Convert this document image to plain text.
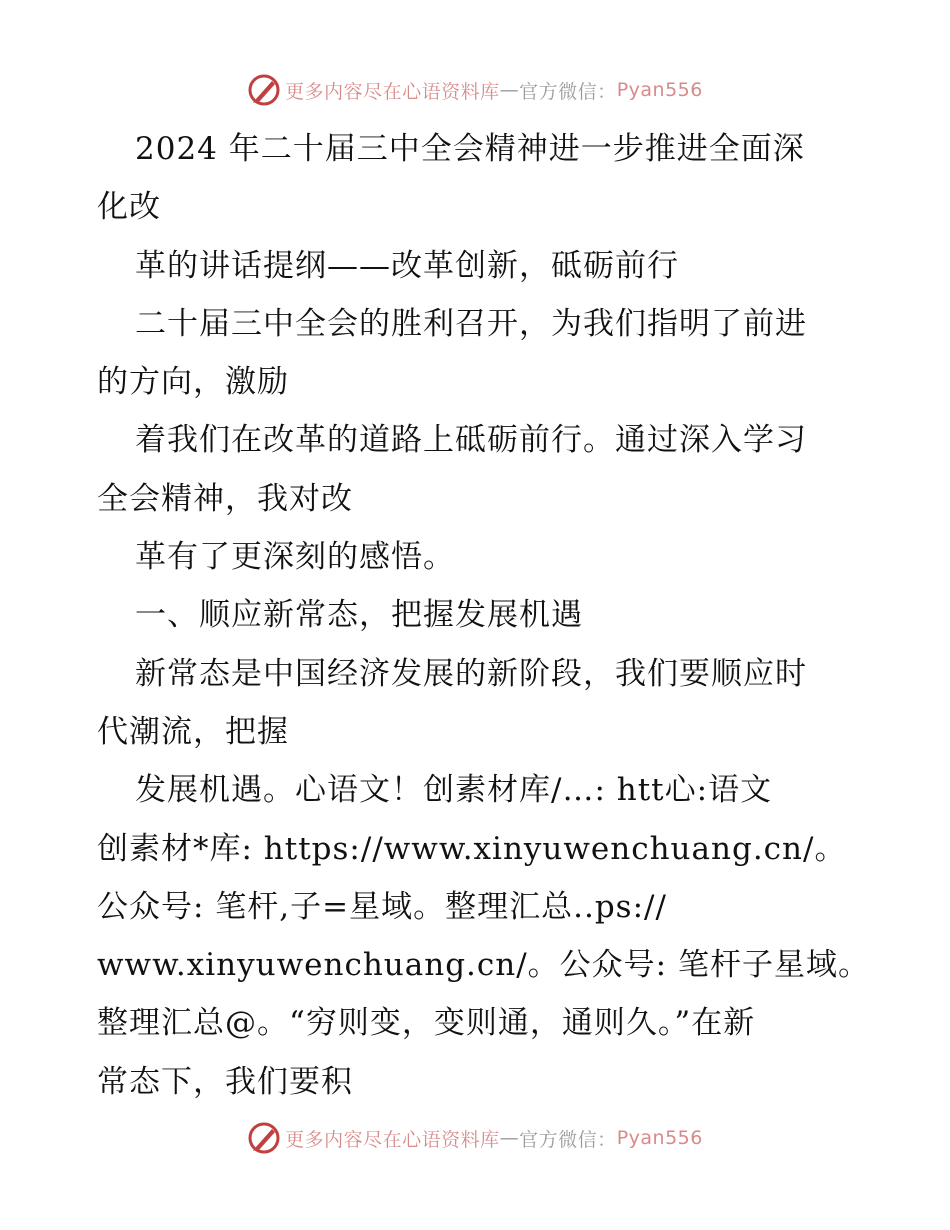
更多内容尽在心语资料库 — 官方微信： Pyan556
2024 年二十届三中全会精神进一步推进全面深
化改
革的讲话提纲——改革创新，砥砺前行
二十届三中全会的胜利召开，为我们指明了前进
的方向，激励
着我们在改革的道路上砥砺前行。通过深入学习
全会精神，我对改
革有了更深刻的感悟。
一、顺应新常态，把握发展机遇
新常态是中国经济发展的新阶段，我们要顺应时
代潮流，把握
发展机遇。心语文！创素材库/…: htt心:语文
创素材*库: https://www.xinyuwenchuang.cn/。
公众号: 笔杆,子=星域。整理汇总..ps://
www.xinyuwenchuang.cn/。公众号: 笔杆子星域。
整理汇总@。“穷则变，变则通，通则久。”在新
常态下，我们要积
更多内容尽在心语资料库 — 官方微信： Pyan556
